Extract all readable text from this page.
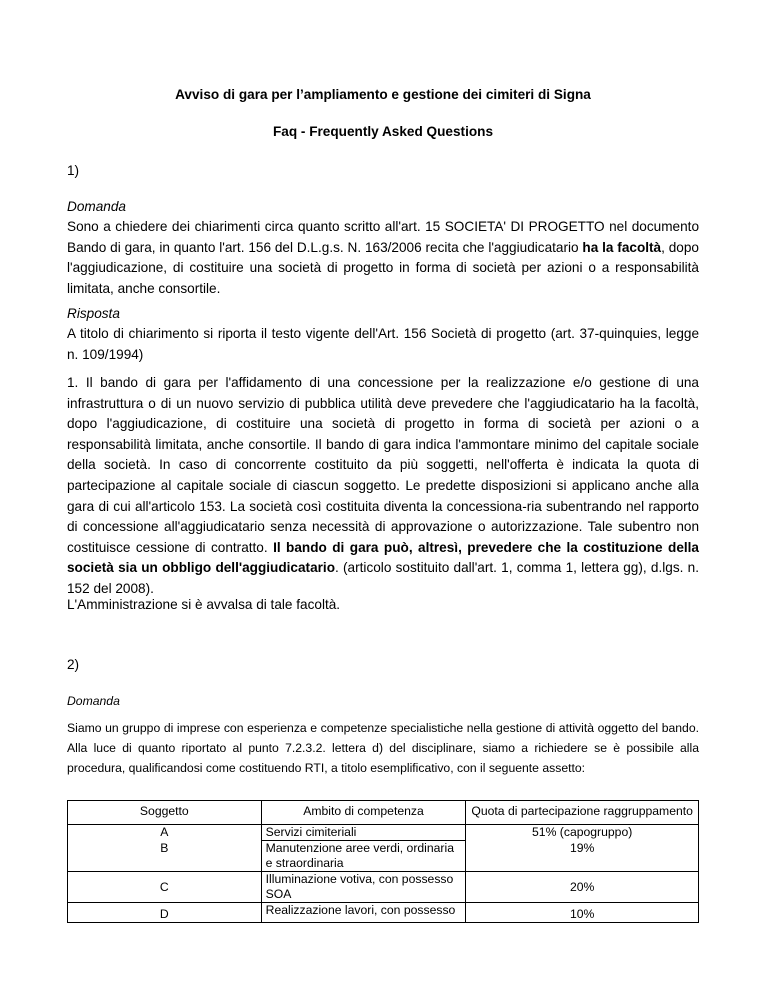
Avviso di gara per l’ampliamento e gestione dei cimiteri di Signa
Faq - Frequently Asked Questions
1)
Domanda
Sono a chiedere dei chiarimenti circa quanto scritto all'art. 15 SOCIETA' DI PROGETTO nel documento Bando di gara, in quanto l'art. 156 del D.L.g.s. N. 163/2006 recita che l'aggiudicatario ha la facoltà, dopo l'aggiudicazione, di costituire una società di progetto in forma di società per azioni o a responsabilità limitata, anche consortile.
Risposta
A titolo di chiarimento si riporta il testo vigente dell'Art. 156 Società di progetto (art. 37-quinquies, legge n. 109/1994)
1. Il bando di gara per l'affidamento di una concessione per la realizzazione e/o gestione di una infrastruttura o di un nuovo servizio di pubblica utilità deve prevedere che l'aggiudicatario ha la facoltà, dopo l'aggiudicazione, di costituire una società di progetto in forma di società per azioni o a responsabilità limitata, anche consortile. Il bando di gara indica l'ammontare minimo del capitale sociale della società. In caso di concorrente costituito da più soggetti, nell'offerta è indicata la quota di partecipazione al capitale sociale di ciascun soggetto. Le predette disposizioni si applicano anche alla gara di cui all'articolo 153. La società così costituita diventa la concessiona-ria subentrando nel rapporto di concessione all'aggiudicatario senza necessità di approvazione o autorizzazione. Tale subentro non costituisce cessione di contratto. Il bando di gara può, altresì, prevedere che la costituzione della società sia un obbligo dell'aggiudicatario. (articolo sostituito dall'art. 1, comma 1, lettera gg), d.lgs. n. 152 del 2008).
L'Amministrazione si è avvalsa di tale facoltà.
2)
Domanda
Siamo un gruppo di imprese con esperienza e competenze specialistiche nella gestione di attività oggetto del bando. Alla luce di quanto riportato al punto 7.2.3.2. lettera d) del disciplinare, siamo a richiedere se è possibile alla procedura, qualificandosi come costituendo RTI, a titolo esemplificativo, con il seguente assetto:
Soggetto	Ambito di competenza	Quota di partecipazione raggruppamento
A	Servizi cimiteriali	51% (capogruppo)
B	Manutenzione aree verdi, ordinaria e straordinaria	19%
C	Illuminazione votiva, con possesso SOA	20%
D	Realizzazione lavori, con possesso	10%
